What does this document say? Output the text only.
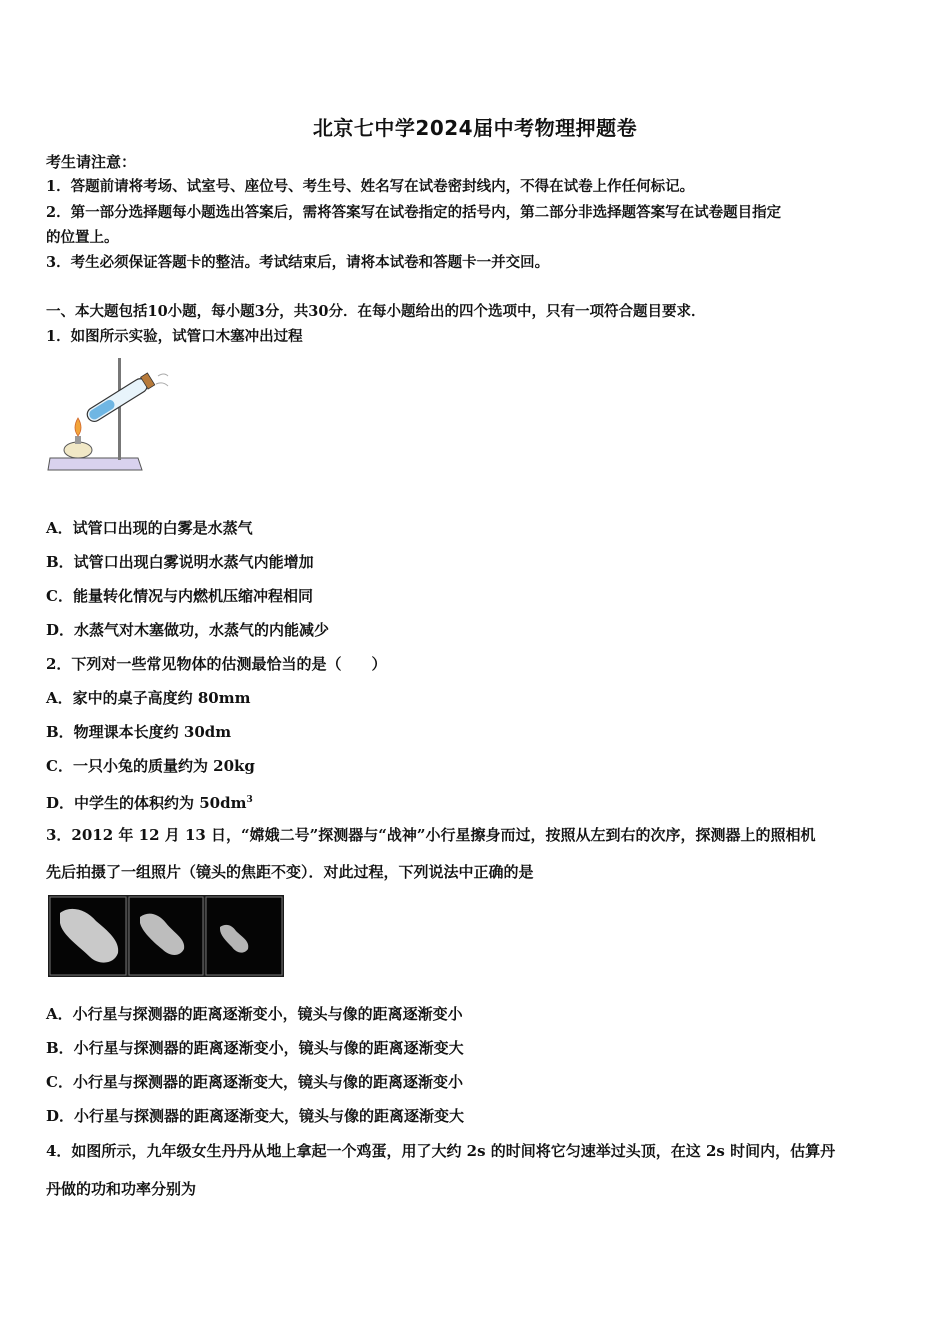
北京七中学2024届中考物理押题卷
考生请注意：
1．答题前请将考场、试室号、座位号、考生号、姓名写在试卷密封线内，不得在试卷上作任何标记。
2．第一部分选择题每小题选出答案后，需将答案写在试卷指定的括号内，第二部分非选择题答案写在试卷题目指定
的位置上。
3．考生必须保证答题卡的整洁。考试结束后，请将本试卷和答题卡一并交回。
一、本大题包括10小题，每小题3分，共30分．在每小题给出的四个选项中，只有一项符合题目要求．
1．如图所示实验，试管口木塞冲出过程
A．试管口出现的白雾是水蒸气
B．试管口出现白雾说明水蒸气内能增加
C．能量转化情况与内燃机压缩冲程相同
D．水蒸气对木塞做功，水蒸气的内能减少
2．下列对一些常见物体的估测最恰当的是（　　）
A．家中的桌子高度约 80mm
B．物理课本长度约 30dm
C．一只小兔的质量约为 20kg
D．中学生的体积约为 $50dm^3$
3．2012 年 12 月 13 日，“嫦娥二号”探测器与“战神”小行星擦身而过，按照从左到右的次序，探测器上的照相机
先后拍摄了一组照片（镜头的焦距不变）．对此过程，下列说法中正确的是
A．小行星与探测器的距离逐渐变小，镜头与像的距离逐渐变小
B．小行星与探测器的距离逐渐变小，镜头与像的距离逐渐变大
C．小行星与探测器的距离逐渐变大，镜头与像的距离逐渐变小
D．小行星与探测器的距离逐渐变大，镜头与像的距离逐渐变大
4．如图所示，九年级女生丹丹从地上拿起一个鸡蛋，用了大约 2s 的时间将它匀速举过头顶，在这 2s 时间内，估算丹
丹做的功和功率分别为
